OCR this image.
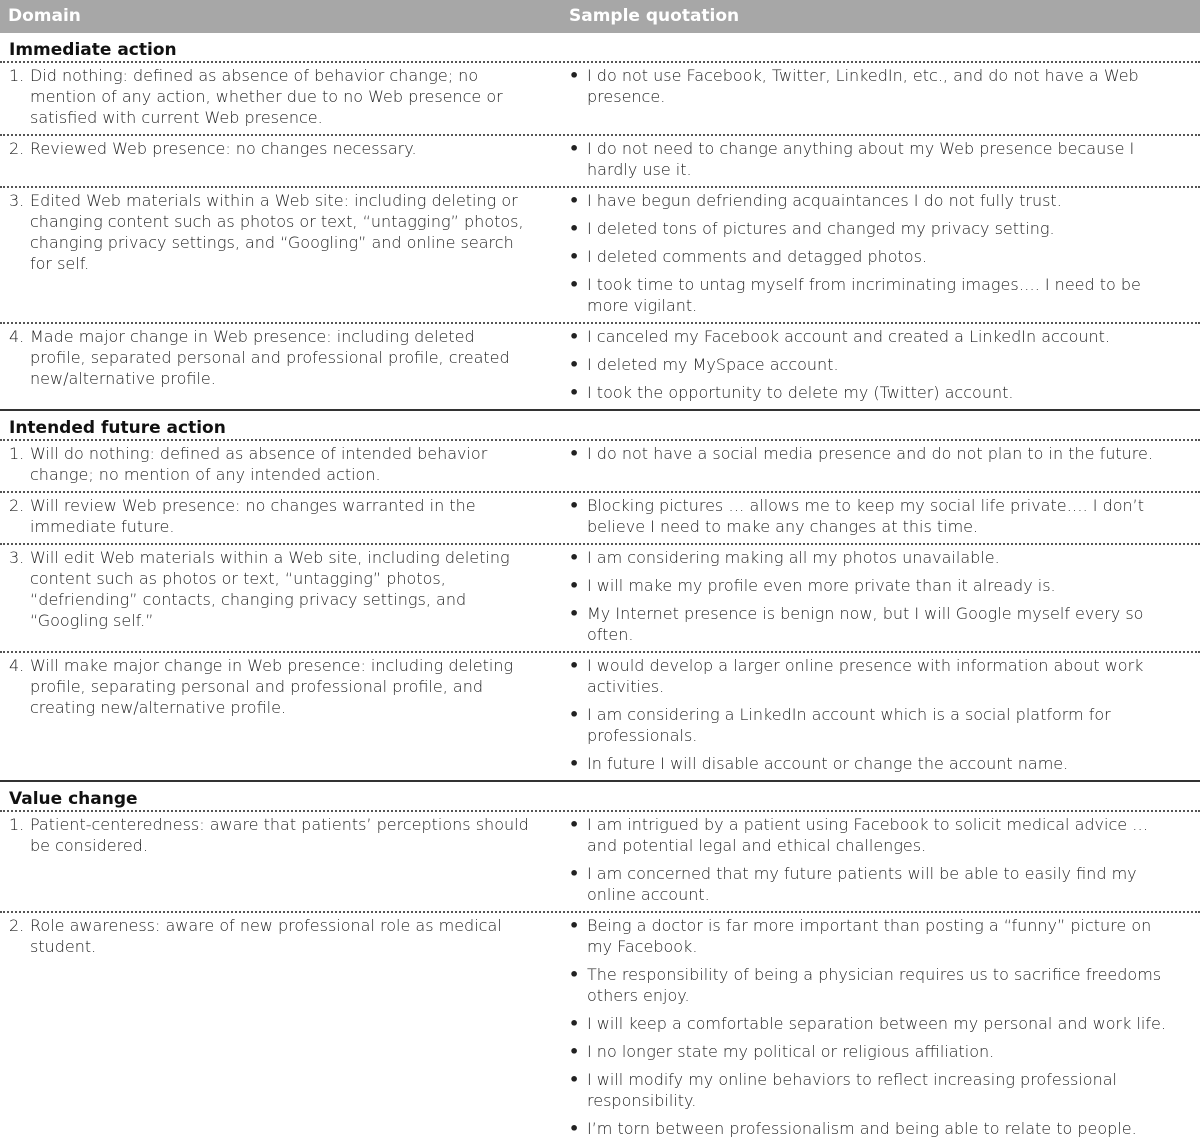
Domain	Sample quotation
Immediate action
1. Did nothing: defined as absence of behavior change; no mention of any action, whether due to no Web presence or satisfied with current Web presence.
• I do not use Facebook, Twitter, LinkedIn, etc., and do not have a Web presence.
2. Reviewed Web presence: no changes necessary.	• I do not need to change anything about my Web presence because I hardly use it.
3. Edited Web materials within a Web site: including deleting or changing content such as photos or text, “untagging” photos, changing privacy settings, and “Googling” and online search for self.
• I have begun defriending acquaintances I do not fully trust.
• I deleted tons of pictures and changed my privacy setting.
• I deleted comments and detagged photos.
• I took time to untag myself from incriminating images…. I need to be more vigilant.
4. Made major change in Web presence: including deleted profile, separated personal and professional profile, created new/alternative profile.
• I canceled my Facebook account and created a LinkedIn account.
• I deleted my MySpace account.
• I took the opportunity to delete my (Twitter) account.
Intended future action
1. Will do nothing: defined as absence of intended behavior change; no mention of any intended action.
• I do not have a social media presence and do not plan to in the future.
2. Will review Web presence: no changes warranted in the immediate future.
• Blocking pictures … allows me to keep my social life private…. I don’t believe I need to make any changes at this time.
3. Will edit Web materials within a Web site, including deleting content such as photos or text, “untagging” photos, “defriending” contacts, changing privacy settings, and “Googling self.”
• I am considering making all my photos unavailable.
• I will make my profile even more private than it already is.
• My Internet presence is benign now, but I will Google myself every so often.
4. Will make major change in Web presence: including deleting profile, separating personal and professional profile, and creating new/alternative profile.
• I would develop a larger online presence with information about work activities.
• I am considering a LinkedIn account which is a social platform for professionals.
• In future I will disable account or change the account name.
Value change
1. Patient-centeredness: aware that patients’ perceptions should be considered.
• I am intrigued by a patient using Facebook to solicit medical advice … and potential legal and ethical challenges.
• I am concerned that my future patients will be able to easily find my online account.
2. Role awareness: aware of new professional role as medical student.
• Being a doctor is far more important than posting a “funny” picture on my Facebook.
• The responsibility of being a physician requires us to sacrifice freedoms others enjoy.
• I will keep a comfortable separation between my personal and work life.
• I no longer state my political or religious affiliation.
• I will modify my online behaviors to reflect increasing professional responsibility.
• I’m torn between professionalism and being able to relate to people.
